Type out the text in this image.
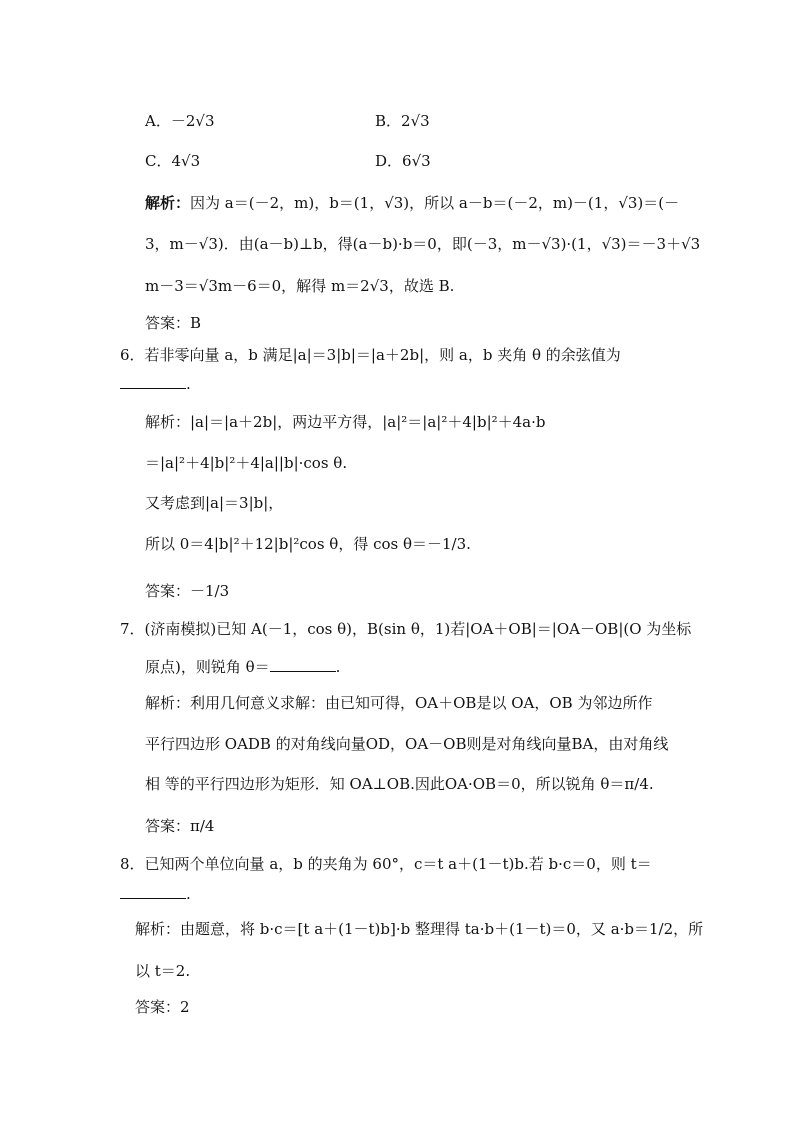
A．－2√3	B．2√3
C．4√3	D．6√3
解析：因为 a＝(－2，m)，b＝(1，√3)，所以 a－b＝(－2，m)－(1，√3)＝(－
3，m－√3)．由(a－b)⊥b，得(a－b)·b＝0，即(－3，m－√3)·(1，√3)＝－3＋√3
m－3＝√3m－6＝0，解得 m＝2√3，故选 B.
答案：B
6．若非零向量 a，b 满足|a|＝3|b|＝|a＋2b|，则 a，b 夹角 θ 的余弦值为
.
解析：|a|＝|a＋2b|，两边平方得，|a|²＝|a|²＋4|b|²＋4a·b
＝|a|²＋4|b|²＋4|a||b|·cos θ.
又考虑到|a|＝3|b|，
所以 0＝4|b|²＋12|b|²cos θ，得 cos θ＝－1/3.
答案：－1/3
7．(济南模拟)已知 A(－1，cos θ)，B(sin θ，1)若|OA＋OB|＝|OA－OB|(O 为坐标
原点)，则锐角 θ＝	.
解析：利用几何意义求解：由已知可得，OA＋OB是以 OA，OB 为邻边所作
平行四边形 OADB 的对角线向量OD，OA－OB则是对角线向量BA，由对角线
相 等的平行四边形为矩形．知 OA⊥OB.因此OA·OB＝0，所以锐角 θ＝π/4.
答案：π/4
8．已知两个单位向量 a，b 的夹角为 60°，c＝t a＋(1－t)b.若 b·c＝0，则 t＝
.
解析：由题意，将 b·c＝[t a＋(1－t)b]·b 整理得 ta·b＋(1－t)＝0，又 a·b＝1/2，所
以 t＝2.
答案：2
